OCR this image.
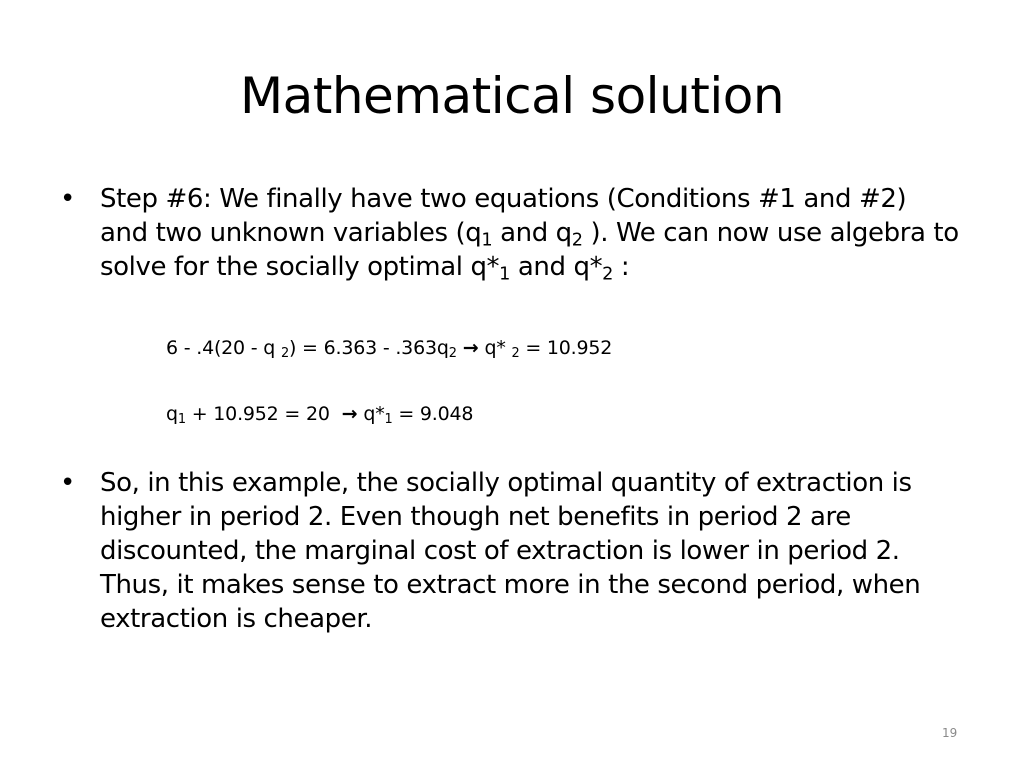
Mathematical solution
• Step #6: We finally have two equations (Conditions #1 and #2) and two unknown variables ($q_1$ and $q_2$ ). We can now use algebra to solve for the socially optimal $q*_1$ and $q*_2$ :
6 - .4(20 - q $_2) = 6.363 - .363q_2 \to q*$ $_2$ = 10.952
$q_1 + 10.952 = 20 \to q*_1 = 9.048$
• So, in this example, the socially optimal quantity of extraction is higher in period 2. Even though net benefits in period 2 are discounted, the marginal cost of extraction is lower in period 2. Thus, it makes sense to extract more in the second period, when extraction is cheaper.
19
